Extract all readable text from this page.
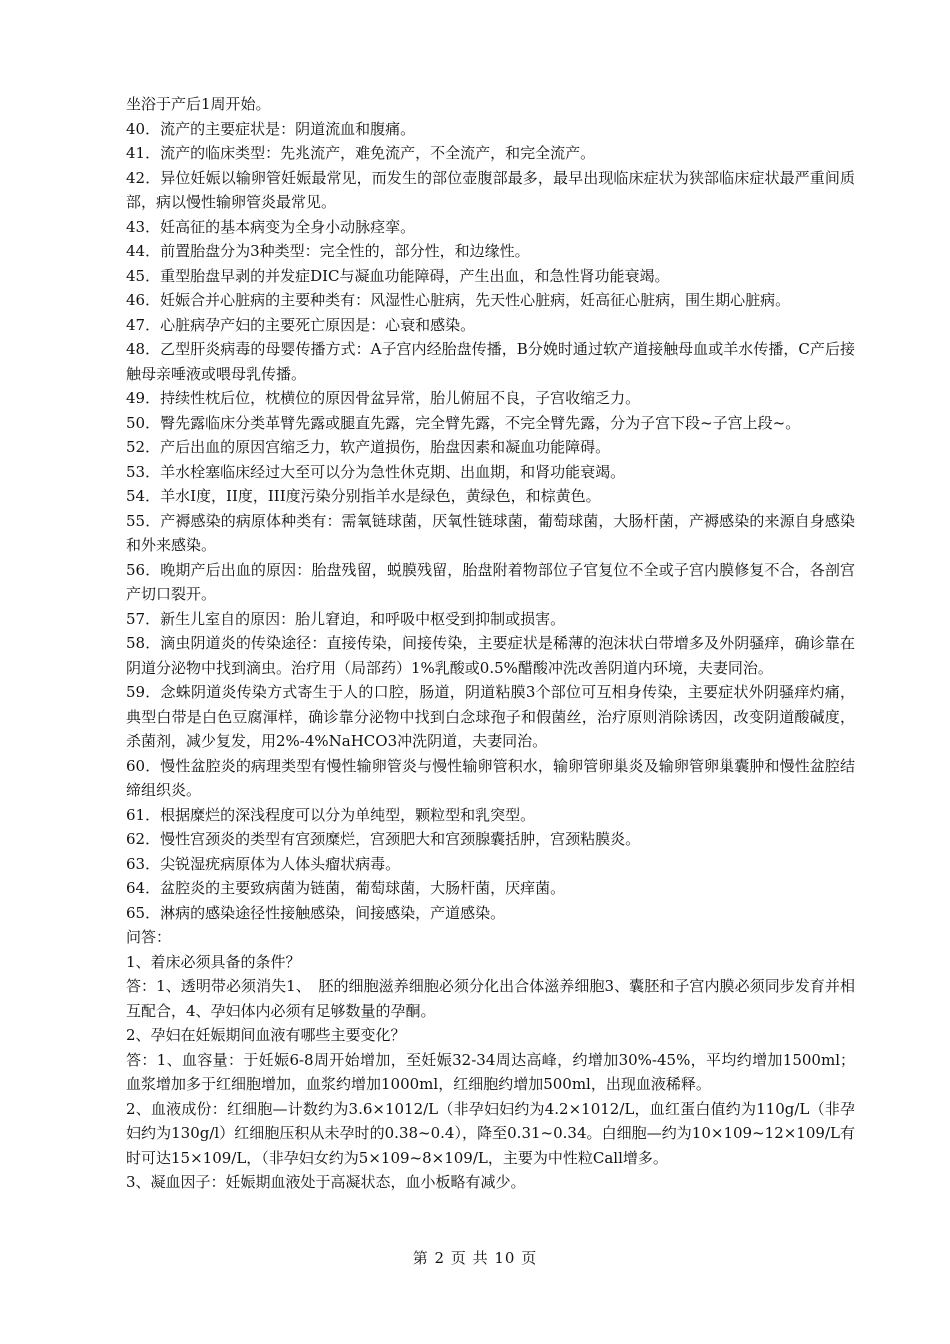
坐浴于产后1周开始。

40．流产的主要症状是：阴道流血和腹痛。

41．流产的临床类型：先兆流产，难免流产，不全流产，和完全流产。

42．异位妊娠以输卵管妊娠最常见，而发生的部位壶腹部最多，最早出现临床症状为狭部临床症状最严重间质部，病以慢性输卵管炎最常见。

43．妊高征的基本病变为全身小动脉痉挛。

44．前置胎盘分为3种类型：完全性的，部分性，和边缘性。

45．重型胎盘早剥的并发症DIC与凝血功能障碍，产生出血，和急性肾功能衰竭。

46．妊娠合并心脏病的主要种类有：风湿性心脏病，先天性心脏病，妊高征心脏病，围生期心脏病。

47．心脏病孕产妇的主要死亡原因是：心衰和感染。

48．乙型肝炎病毒的母婴传播方式：A子宫内经胎盘传播，B分娩时通过软产道接触母血或羊水传播，C产后接触母亲唾液或喂母乳传播。

49．持续性枕后位，枕横位的原因骨盆异常，胎儿俯屈不良，子宫收缩乏力。

50．臀先露临床分类革臂先露或腿直先露，完全臂先露，不完全臂先露，分为子宫下段~子宫上段~。

52．产后出血的原因宫缩乏力，软产道损伤，胎盘因素和凝血功能障碍。

53．羊水栓塞临床经过大至可以分为急性休克期、出血期，和肾功能衰竭。

54．羊水I度，II度，III度污染分别指羊水是绿色，黄绿色，和棕黄色。

55．产褥感染的病原体种类有：需氧链球菌，厌氧性链球菌，葡萄球菌，大肠杆菌，产褥感染的来源自身感染和外来感染。

56．晚期产后出血的原因：胎盘残留，蜕膜残留，胎盘附着物部位子官复位不全或子宫内膜修复不合，各剖宫产切口裂开。

57．新生儿室自的原因：胎儿窘迫，和呼吸中枢受到抑制或损害。

58．滴虫阴道炎的传染途径：直接传染，间接传染，主要症状是稀薄的泡沫状白带增多及外阴骚痒，确诊靠在阴道分泌物中找到滴虫。治疗用（局部药）1%乳酸或0.5%醋酸冲洗改善阴道内环境，夫妻同治。

59．念蛛阴道炎传染方式寄生于人的口腔，肠道，阴道粘膜3个部位可互相身传染，主要症状外阴骚痒灼痛，典型白带是白色豆腐渾样，确诊靠分泌物中找到白念球孢子和假菌丝，治疗原则消除诱因，改变阴道酸碱度，杀菌剂，减少复发，用2%-4%NaHCO3冲洗阴道，夫妻同治。

60．慢性盆腔炎的病理类型有慢性输卵管炎与慢性输卵管积水，输卵管卵巢炎及输卵管卵巢囊肿和慢性盆腔结缔组织炎。

61．根据糜烂的深浅程度可以分为单纯型，颗粒型和乳突型。

62．慢性宫颈炎的类型有宫颈糜烂，宫颈肥大和宫颈腺囊括肿，宫颈粘膜炎。

63．尖锐湿疣病原体为人体头瘤状病毒。

64．盆腔炎的主要致病菌为链菌，葡萄球菌，大肠杆菌，厌痒菌。

65．淋病的感染途径性接触感染，间接感染，产道感染。

问答：

1、着床必须具备的条件？

答：1、透明带必须消失1、　胚的细胞滋养细胞必须分化出合体滋养细胞3、囊胚和子宫内膜必须同步发育并相互配合，4、孕妇体内必须有足够数量的孕酮。

2、孕妇在妊娠期间血液有哪些主要变化？

答：1、血容量：于妊娠6-8周开始增加，至妊娠32-34周达高峰，约增加30%-45%，平均约增加1500ml；血浆增加多于红细胞增加，血浆约增加1000ml，红细胞约增加500ml，出现血液稀释。

2、血液成份：红细胞—计数约为3.6×1012/L（非孕妇妇约为4.2×1012/L，血红蛋白值约为110g/L（非孕妇约为130g/l）红细胞压积从未孕时的0.38~0.4），降至0.31~0.34。白细胞—约为10×109~12×109/L有时可达15×109/L，（非孕妇女约为5×109~8×109/L，主要为中性粒Call增多。

3、凝血因子：妊娠期血液处于高凝状态，血小板略有减少。

第 2 页 共 10 页
